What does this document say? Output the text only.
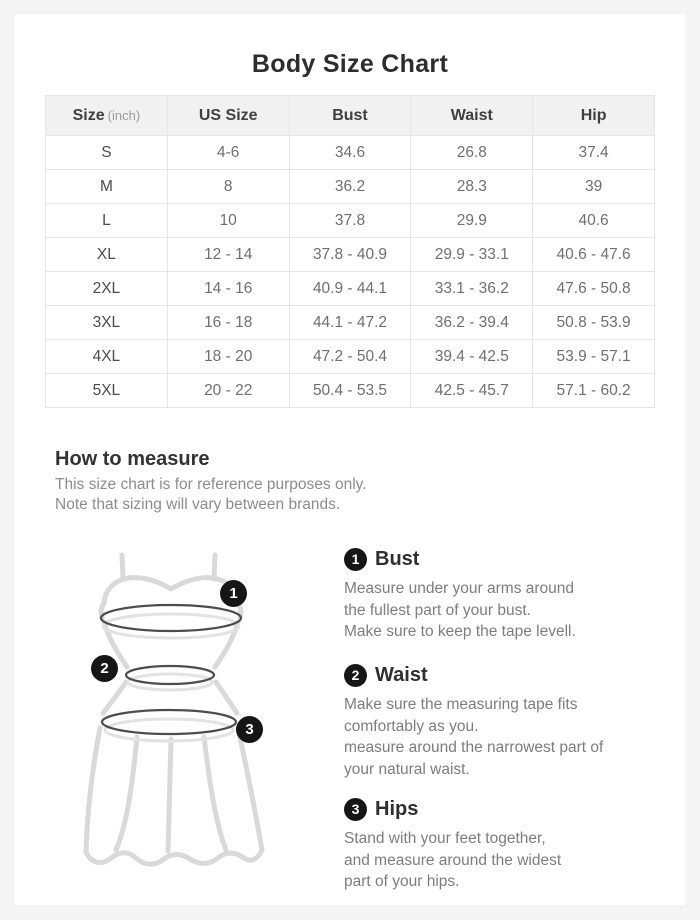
Body Size Chart
Size (inch)	US Size	Bust	Waist	Hip
S	4-6	34.6	26.8	37.4
M	8	36.2	28.3	39
L	10	37.8	29.9	40.6
XL	12 - 14	37.8 - 40.9	29.9 - 33.1	40.6 - 47.6
2XL	14 - 16	40.9 - 44.1	33.1 - 36.2	47.6 - 50.8
3XL	16 - 18	44.1 - 47.2	36.2 - 39.4	50.8 - 53.9
4XL	18 - 20	47.2 - 50.4	39.4 - 42.5	53.9 - 57.1
5XL	20 - 22	50.4 - 53.5	42.5 - 45.7	57.1 - 60.2
How to measure
This size chart is for reference purposes only.
Note that sizing will vary between brands.
1
2
3
1 Bust
Measure under your arms around
the fullest part of your bust.
Make sure to keep the tape levell.
2 Waist
Make sure the measuring tape fits
comfortably as you.
measure around the narrowest part of
your natural waist.
3 Hips
Stand with your feet together,
and measure around the widest
part of your hips.
